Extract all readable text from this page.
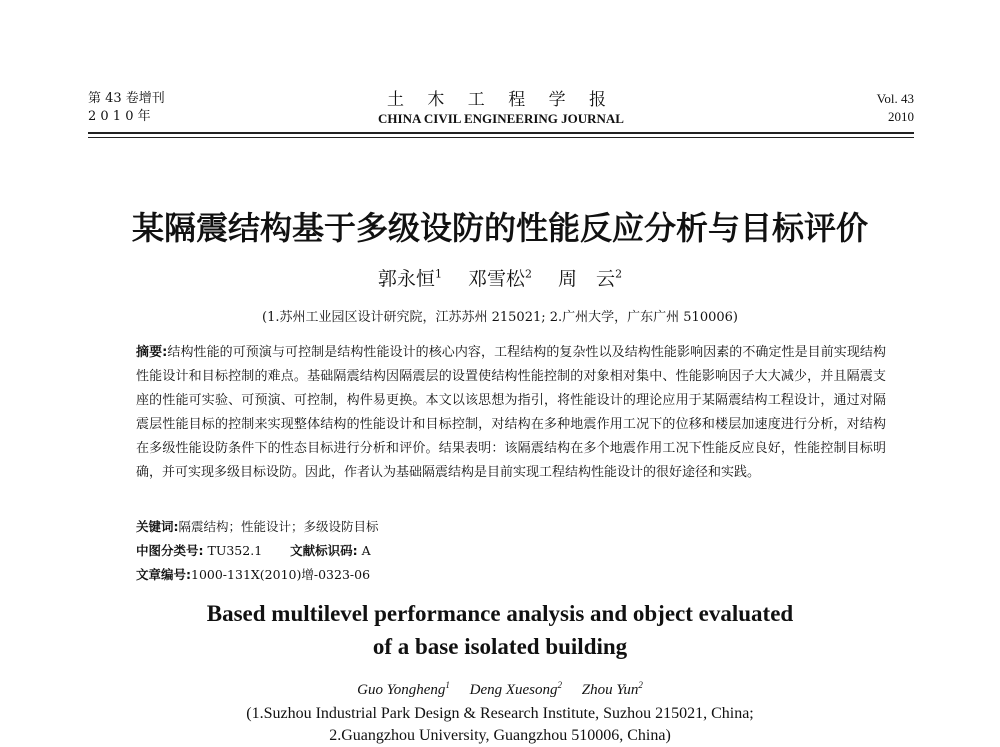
第 43 卷增刊
2 0 1 0 年
土 木 工 程 学 报
CHINA CIVIL ENGINEERING JOURNAL
Vol. 43
2010
某隔震结构基于多级设防的性能反应分析与目标评价
郭永恒$^1$ 邓雪松$^2$ 周　云$^2$
(1.苏州工业园区设计研究院，江苏苏州 215021; 2.广州大学，广东广州 510006)

摘要:结构性能的可预演与可控制是结构性能设计的核心内容，工程结构的复杂性以及结构性能影响因素的不确定性是目前实现结构性能设计和目标控制的难点。基础隔震结构因隔震层的设置使结构性能控制的对象相对集中、性能影响因子大大减少，并且隔震支座的性能可实验、可预演、可控制，构件易更换。本文以该思想为指引，将性能设计的理论应用于某隔震结构工程设计，通过对隔震层性能目标的控制来实现整体结构的性能设计和目标控制，对结构在多种地震作用工况下的位移和楼层加速度进行分析，对结构在多级性能设防条件下的性态目标进行分析和评价。结果表明：该隔震结构在多个地震作用工况下性能反应良好，性能控制目标明确，并可实现多级目标设防。因此，作者认为基础隔震结构是目前实现工程结构性能设计的很好途径和实践。

关键词:隔震结构；性能设计；多级设防目标
中图分类号: TU352.1 文献标识码: A
文章编号:1000-131X(2010)增-0323-06
Based multilevel performance analysis and object evaluated
of a base isolated building
Guo Yongheng$^1$ Deng Xuesong$^2$ Zhou Yun$^2$
(1.Suzhou Industrial Park Design & Research Institute, Suzhou 215021, China;
2.Guangzhou University, Guangzhou 510006, China)
